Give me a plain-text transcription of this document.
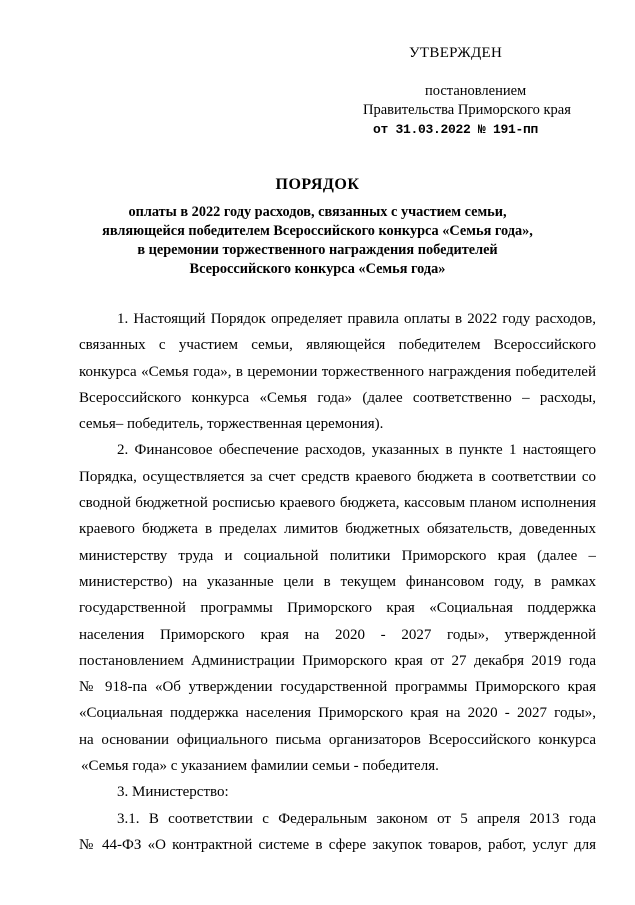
УТВЕРЖДЕН
постановлением
Правительства Приморского края
от 31.03.2022 № 191-пп
ПОРЯДОК
оплаты в 2022 году расходов, связанных с участием семьи,
являющейся победителем Всероссийского конкурса «Семья года»,
в церемонии торжественного награждения победителей
Всероссийского конкурса «Семья года»
1. Настоящий Порядок определяет правила оплаты в 2022 году расходов,
связанных с участием семьи, являющейся победителем Всероссийского
конкурса «Семья года», в церемонии торжественного награждения победителей
Всероссийского конкурса «Семья года» (далее соответственно – расходы,
семья– победитель, торжественная церемония).
2. Финансовое обеспечение расходов, указанных в пункте 1 настоящего
Порядка, осуществляется за счет средств краевого бюджета в соответствии со
сводной бюджетной росписью краевого бюджета, кассовым планом исполнения
краевого бюджета в пределах лимитов бюджетных обязательств, доведенных
министерству труда и социальной политики Приморского края (далее –
министерство) на указанные цели в текущем финансовом году, в рамках
государственной программы Приморского края «Социальная поддержка
населения Приморского края на 2020 - 2027 годы», утвержденной
постановлением Администрации Приморского края от 27 декабря 2019 года
№ 918-па «Об утверждении государственной программы Приморского края
«Социальная поддержка населения Приморского края на 2020 - 2027 годы»,
на основании официального письма организаторов Всероссийского конкурса
«Семья года» с указанием фамилии семьи - победителя.
3. Министерство:
3.1. В соответствии с Федеральным законом от 5 апреля 2013 года
№ 44-ФЗ «О контрактной системе в сфере закупок товаров, работ, услуг для
